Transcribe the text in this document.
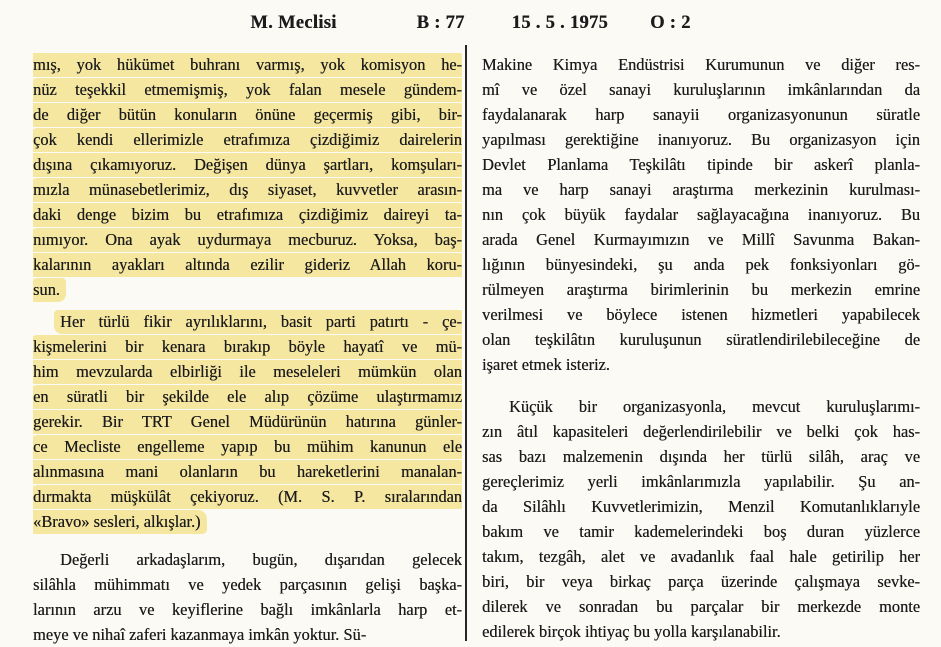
M. Meclisi	B : 77	15 . 5 . 1975 O : 2

mış, yok hükümet buhranı varmış, yok komisyon he-
nüz teşekkil etmemişmiş, yok falan mesele gündem-
de diğer bütün konuların önüne geçermiş gibi, bir-
çok kendi ellerimizle etrafımıza çizdiğimiz dairelerin
dışına çıkamıyoruz. Değişen dünya şartları, komşuları-
mızla münasebetlerimiz, dış siyaset, kuvvetler arasın-
daki denge bizim bu etrafımıza çizdiğimiz daireyi ta-
nımıyor. Ona ayak uydurmaya mecburuz. Yoksa, baş-
kalarının ayakları altında ezilir gideriz Allah koru-
sun.

Her türlü fikir ayrılıklarını, basit parti patırtı - çe-
kişmelerini bir kenara bırakıp böyle hayatî ve mü-
him mevzularda elbirliği ile meseleleri mümkün olan
en süratli bir şekilde ele alıp çözüme ulaştırmamız
gerekir. Bir TRT Genel Müdürünün hatırına günler-
ce Mecliste engelleme yapıp bu mühim kanunun ele
alınmasına mani olanların bu hareketlerini manalan-
dırmakta müşkülât çekiyoruz. (M. S. P. sıralarından
«Bravo» sesleri, alkışlar.)

Değerli arkadaşlarım, bugün, dışarıdan gelecek
silâhla mühimmatı ve yedek parçasının gelişi başka-
larının arzu ve keyiflerine bağlı imkânlarla harp et-
meye ve nihaî zaferi kazanmaya imkân yoktur. Sü-

Makine Kimya Endüstrisi Kurumunun ve diğer res-
mî ve özel sanayi kuruluşlarının imkânlarından da
faydalanarak harp sanayii organizasyonunun süratle
yapılması gerektiğine inanıyoruz. Bu organizasyon için
Devlet Planlama Teşkilâtı tipinde bir askerî planla-
ma ve harp sanayi araştırma merkezinin kurulması-
nın çok büyük faydalar sağlayacağına inanıyoruz. Bu
arada Genel Kurmayımızın ve Millî Savunma Bakan-
lığının bünyesindeki, şu anda pek fonksiyonları gö-
rülmeyen araştırma birimlerinin bu merkezin emrine
verilmesi ve böylece istenen hizmetleri yapabilecek
olan teşkilâtın kuruluşunun süratlendirilebileceğine de
işaret etmek isteriz.

Küçük bir organizasyonla, mevcut kuruluşlarımı-
zın âtıl kapasiteleri değerlendirilebilir ve belki çok has-
sas bazı malzemenin dışında her türlü silâh, araç ve
gereçlerimiz yerli imkânlarımızla yapılabilir. Şu an-
da Silâhlı Kuvvetlerimizin, Menzil Komutanlıklarıyle
bakım ve tamir kademelerindeki boş duran yüzlerce
takım, tezgâh, alet ve avadanlık faal hale getirilip her
biri, bir veya birkaç parça üzerinde çalışmaya sevke-
dilerek ve sonradan bu parçalar bir merkezde monte
edilerek birçok ihtiyaç bu yolla karşılanabilir.
